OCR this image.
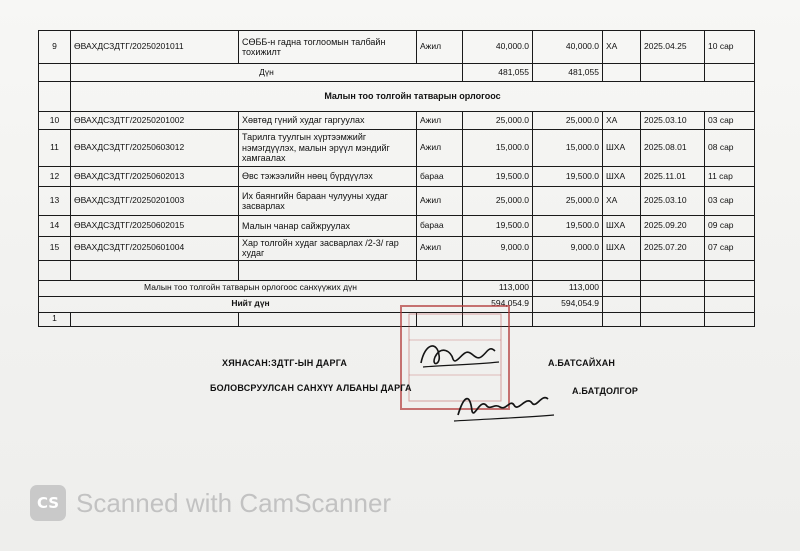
9	ӨВАХДСЗДТГ/20250201011	СӨББ-н гадна тоглоомын талбайн тохижилт	Ажил	40,000.0	40,000.0	ХА	2025.04.25	10 сар
	Дүн			481,055	481,055			
	Малын тоо толгойн татварын орлогоос							
10	ӨВАХДСЗДТГ/20250201002	Хөвтөд гүний худаг гаргуулах	Ажил	25,000.0	25,000.0	ХА	2025.03.10	03 сар
11	ӨВАХДСЗДТГ/20250603012	Тарилга туулгын хүртээмжийг нэмэгдүүлэх, малын эрүүл мэндийг хамгаалах	Ажил	15,000.0	15,000.0	ШХА	2025.08.01	08 сар
12	ӨВАХДСЗДТГ/20250602013	Өвс тэжээлийн нөөц бүрдүүлэх	бараа	19,500.0	19,500.0	ШХА	2025.11.01	11 сар
13	ӨВАХДСЗДТГ/20250201003	Их баянгийн бараан чулууны худаг засварлах	Ажил	25,000.0	25,000.0	ХА	2025.03.10	03 сар
14	ӨВАХДСЗДТГ/20250602015	Малын чанар сайжруулах	бараа	19,500.0	19,500.0	ШХА	2025.09.20	09 сар
15	ӨВАХДСЗДТГ/20250601004	Хар толгойн худаг засварлах /2-3/ гар худаг	Ажил	9,000.0	9,000.0	ШХА	2025.07.20	07 сар

Малын тоо толгойн татварын орлогоос санхүүжих дүн				113,000	113,000			
Нийт дүн				594,054.9	594,054.9			
1								
ХЯНАСАН:ЗДТГ-ЫН ДАРГА	А.БАТСАЙХАН
БОЛОВСРУУЛСАН САНХҮҮ АЛБАНЫ ДАРГА	А.БАТДОЛГОР
CS Scanned with CamScanner
